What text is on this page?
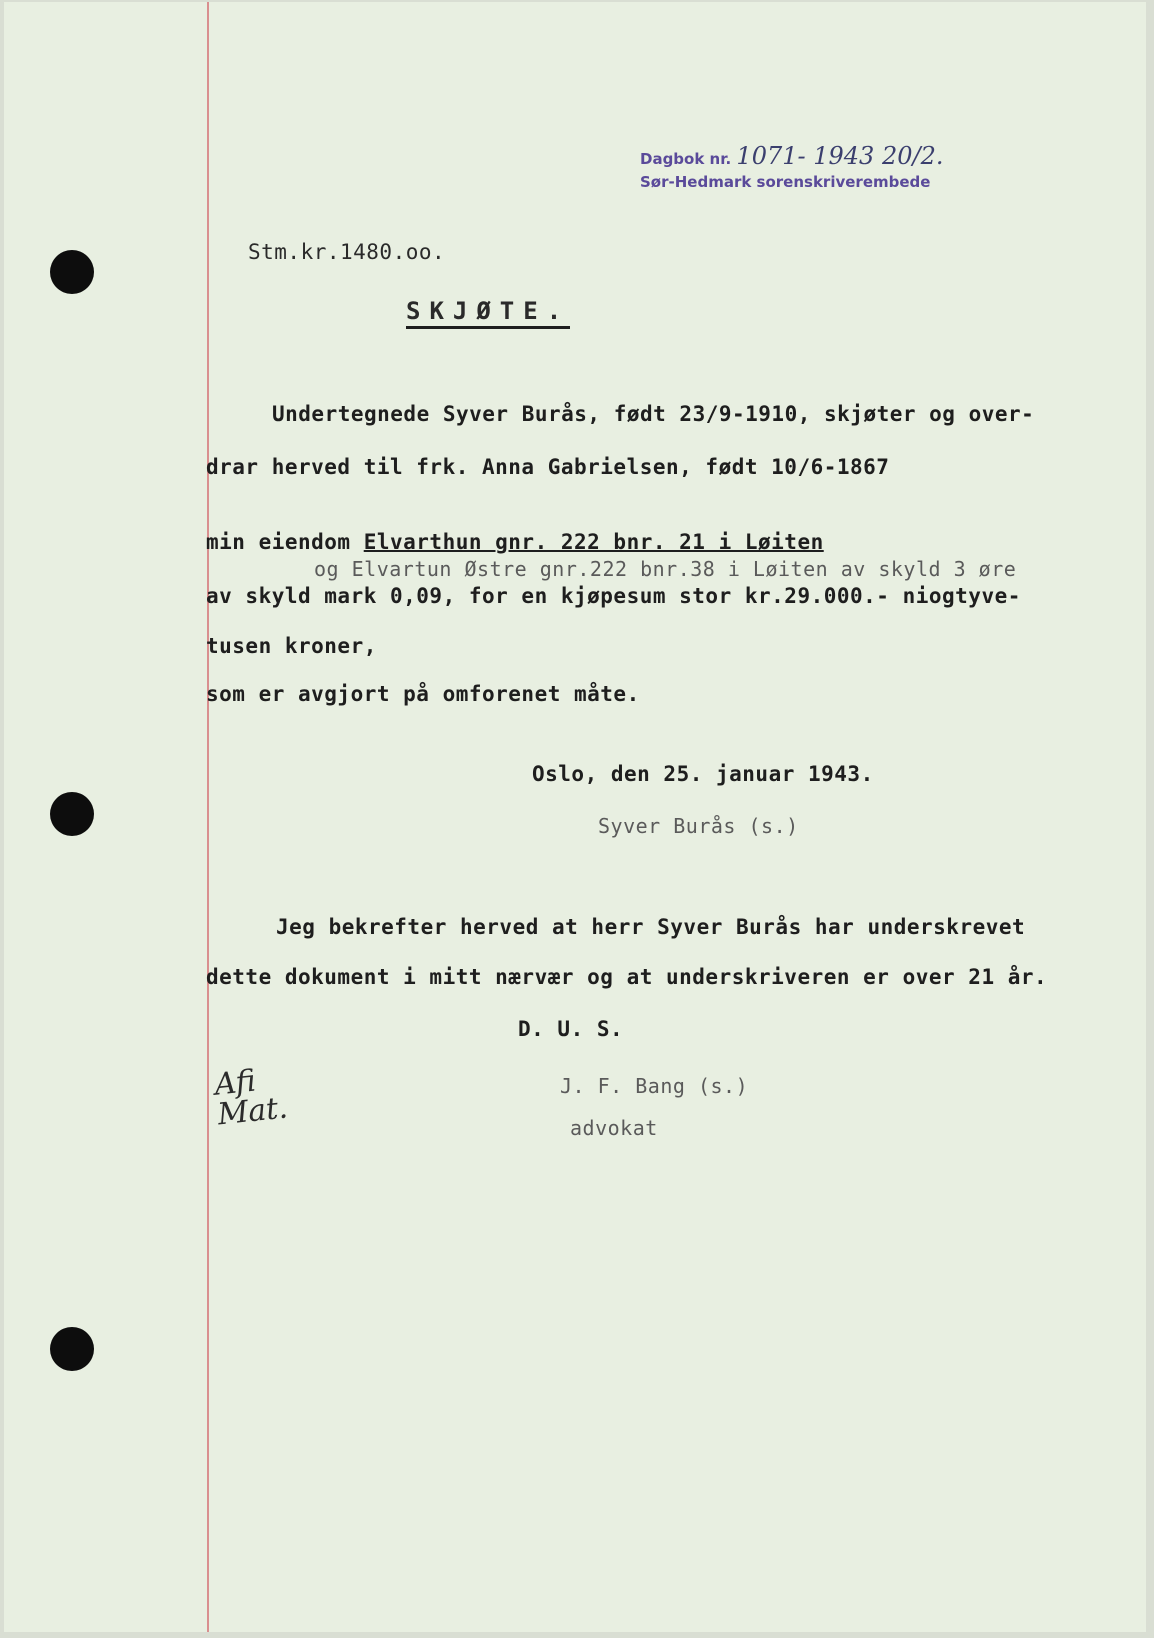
Dagbok nr. 1071- 1943 20/2.
Sør-Hedmark sorenskriverembede
Stm.kr.1480.oo.
SKJØTE.
Undertegnede Syver Burås, født 23/9-1910, skjøter og over-
drar herved til frk. Anna Gabrielsen, født 10/6-1867
min eiendom Elvarthun gnr. 222 bnr. 21 i Løiten
og Elvartun Østre gnr.222 bnr.38 i Løiten av skyld 3 øre
av skyld mark 0,09, for en kjøpesum stor kr.29.000.- niogtyve-
tusen kroner,
som er avgjort på omforenet måte.
Oslo, den 25. januar 1943.
Syver Burås (s.)
Jeg bekrefter herved at herr Syver Burås har underskrevet
dette dokument i mitt nærvær og at underskriveren er over 21 år.
D. U. S.
J. F. Bang (s.)
advokat
Afi
Mat.
